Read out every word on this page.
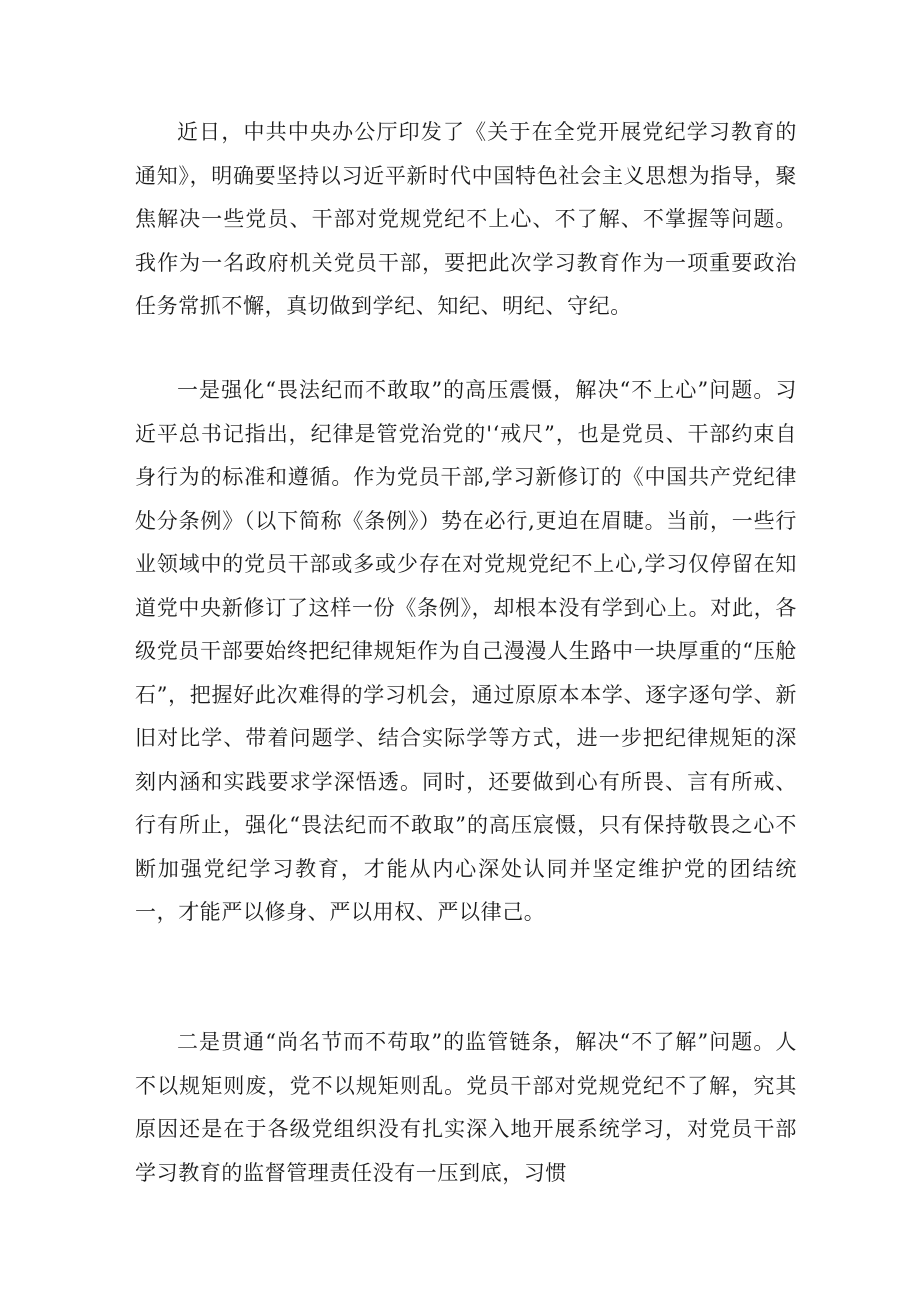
近日，中共中央办公厅印发了《关于在全党开展党纪学习教育的通知》，明确要坚持以习近平新时代中国特色社会主义思想为指导，聚焦解决一些党员、干部对党规党纪不上心、不了解、不掌握等问题。我作为一名政府机关党员干部，要把此次学习教育作为一项重要政治任务常抓不懈，真切做到学纪、知纪、明纪、守纪。

一是强化“畏法纪而不敢取”的高压震慑，解决“不上心”问题。习近平总书记指出，纪律是管党治党的'‘戒尺”，也是党员、干部约束自身行为的标准和遵循。作为党员干部,学习新修订的《中国共产党纪律处分条例》（以下简称《条例》）势在必行,更迫在眉睫。当前，一些行业领域中的党员干部或多或少存在对党规党纪不上心,学习仅停留在知道党中央新修订了这样一份《条例》，却根本没有学到心上。对此，各级党员干部要始终把纪律规矩作为自己漫漫人生路中一块厚重的“压舱石”，把握好此次难得的学习机会，通过原原本本学、逐字逐句学、新旧对比学、带着问题学、结合实际学等方式，进一步把纪律规矩的深刻内涵和实践要求学深悟透。同时，还要做到心有所畏、言有所戒、行有所止，强化“畏法纪而不敢取”的高压宸慑，只有保持敬畏之心不断加强党纪学习教育，才能从内心深处认同并坚定维护党的团结统一，才能严以修身、严以用权、严以律己。

二是贯通“尚名节而不苟取”的监管链条，解决“不了解”问题。人不以规矩则废，党不以规矩则乱。党员干部对党规党纪不了解，究其原因还是在于各级党组织没有扎实深入地开展系统学习，对党员干部学习教育的监督管理责任没有一压到底，习惯
